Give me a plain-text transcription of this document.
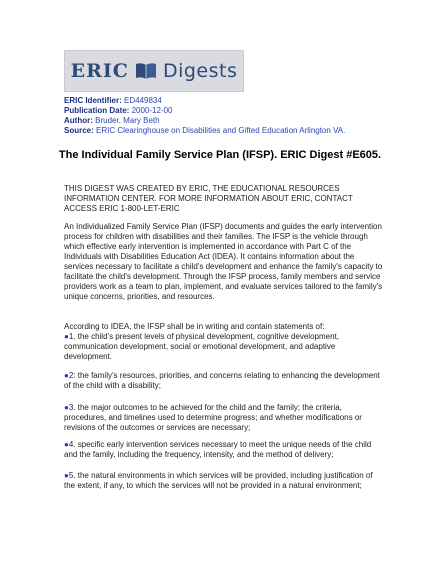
ERIC Digests
ERIC Identifier: ED449834
Publication Date: 2000-12-00
Author: Bruder, Mary Beth
Source: ERIC Clearinghouse on Disabilities and Gifted Education Arlington VA.
The Individual Family Service Plan (IFSP). ERIC Digest #E605.
THIS DIGEST WAS CREATED BY ERIC, THE EDUCATIONAL RESOURCES INFORMATION CENTER. FOR MORE INFORMATION ABOUT ERIC, CONTACT ACCESS ERIC 1-800-LET-ERIC
An Individualized Family Service Plan (IFSP) documents and guides the early intervention process for children with disabilities and their families. The IFSP is the vehicle through which effective early intervention is implemented in accordance with Part C of the Individuals with Disabilities Education Act (IDEA). It contains information about the services necessary to facilitate a child's development and enhance the family's capacity to facilitate the child's development. Through the IFSP process, family members and service providers work as a team to plan, implement, and evaluate services tailored to the family's unique concerns, priorities, and resources.
According to IDEA, the IFSP shall be in writing and contain statements of:
●1. the child's present levels of physical development, cognitive development, communication development, social or emotional development, and adaptive development.
●2: the family's resources, priorities, and concerns relating to enhancing the development of the child with a disability;
●3. the major outcomes to be achieved for the child and the family; the criteria, procedures, and timelines used to determine progress; and whether modifications or revisions of the outcomes or services are necessary;
●4. specific early intervention services necessary to meet the unique needs of the child and the family, including the frequency, intensity, and the method of delivery;
●5. the natural environments in which services will be provided, including justification of the extent, if any, to which the services will not be provided in a natural environment;
